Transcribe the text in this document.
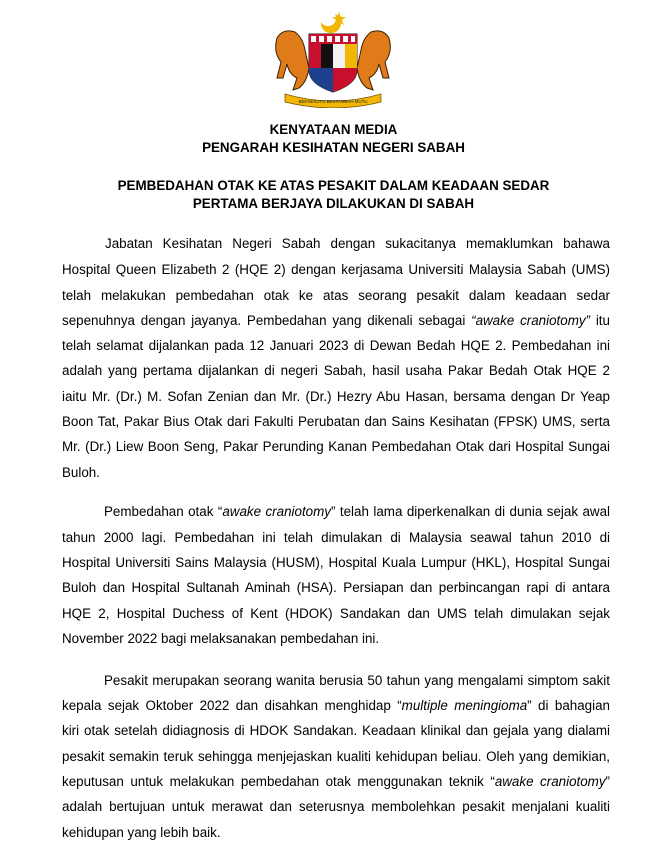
BERSEKUTU BERTAMBAH MUTU
KENYATAAN MEDIA
PENGARAH KESIHATAN NEGERI SABAH
PEMBEDAHAN OTAK KE ATAS PESAKIT DALAM KEADAAN SEDAR
PERTAMA BERJAYA DILAKUKAN DI SABAH
Jabatan Kesihatan Negeri Sabah dengan sukacitanya memaklumkan bahawa
Hospital Queen Elizabeth 2 (HQE 2) dengan kerjasama Universiti Malaysia Sabah (UMS)
telah melakukan pembedahan otak ke atas seorang pesakit dalam keadaan sedar
sepenuhnya dengan jayanya. Pembedahan yang dikenali sebagai “awake craniotomy” itu
telah selamat dijalankan pada 12 Januari 2023 di Dewan Bedah HQE 2. Pembedahan ini
adalah yang pertama dijalankan di negeri Sabah, hasil usaha Pakar Bedah Otak HQE 2
iaitu Mr. (Dr.) M. Sofan Zenian dan Mr. (Dr.) Hezry Abu Hasan, bersama dengan Dr Yeap
Boon Tat, Pakar Bius Otak dari Fakulti Perubatan dan Sains Kesihatan (FPSK) UMS, serta
Mr. (Dr.) Liew Boon Seng, Pakar Perunding Kanan Pembedahan Otak dari Hospital Sungai
Buloh.
Pembedahan otak “awake craniotomy” telah lama diperkenalkan di dunia sejak awal
tahun 2000 lagi. Pembedahan ini telah dimulakan di Malaysia seawal tahun 2010 di
Hospital Universiti Sains Malaysia (HUSM), Hospital Kuala Lumpur (HKL), Hospital Sungai
Buloh dan Hospital Sultanah Aminah (HSA). Persiapan dan perbincangan rapi di antara
HQE 2, Hospital Duchess of Kent (HDOK) Sandakan dan UMS telah dimulakan sejak
November 2022 bagi melaksanakan pembedahan ini.
Pesakit merupakan seorang wanita berusia 50 tahun yang mengalami simptom sakit
kepala sejak Oktober 2022 dan disahkan menghidap “multiple meningioma” di bahagian
kiri otak setelah didiagnosis di HDOK Sandakan. Keadaan klinikal dan gejala yang dialami
pesakit semakin teruk sehingga menjejaskan kualiti kehidupan beliau. Oleh yang demikian,
keputusan untuk melakukan pembedahan otak menggunakan teknik “awake craniotomy”
adalah bertujuan untuk merawat dan seterusnya membolehkan pesakit menjalani kualiti
kehidupan yang lebih baik.
